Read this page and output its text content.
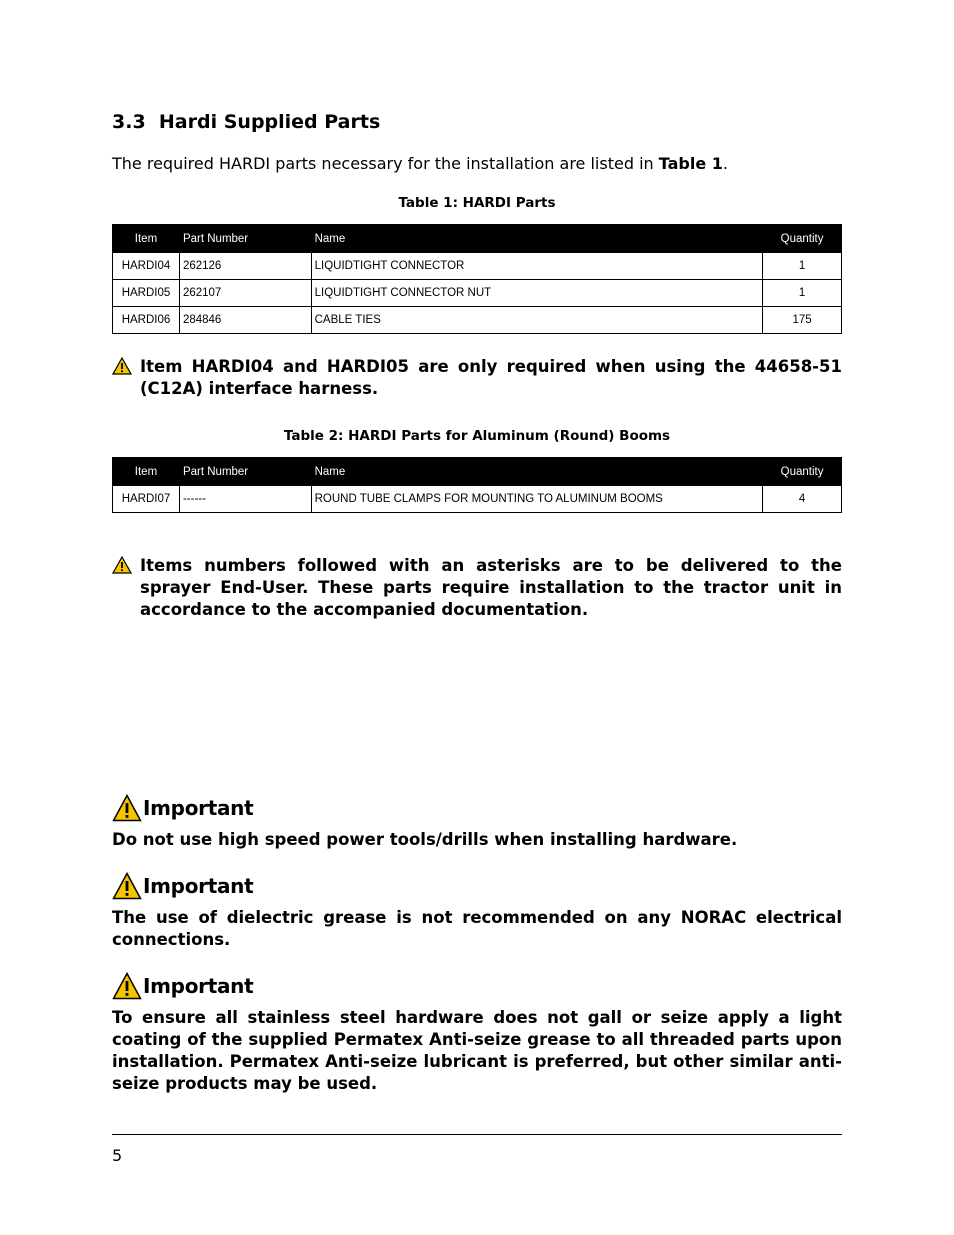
3.3 Hardi Supplied Parts
The required HARDI parts necessary for the installation are listed in Table 1.
Table 1: HARDI Parts
Item	Part Number	Name	Quantity
HARDI04	262126	LIQUIDTIGHT CONNECTOR	1
HARDI05	262107	LIQUIDTIGHT CONNECTOR NUT	1
HARDI06	284846	CABLE TIES	175
Item HARDI04 and HARDI05 are only required when using the 44658-51 (C12A) interface harness.
Table 2: HARDI Parts for Aluminum (Round) Booms
Item	Part Number	Name	Quantity
HARDI07	------	ROUND TUBE CLAMPS FOR MOUNTING TO ALUMINUM BOOMS	4
Items numbers followed with an asterisks are to be delivered to the sprayer End-User. These parts require installation to the tractor unit in accordance to the accompanied documentation.
Important
Do not use high speed power tools/drills when installing hardware.
Important
The use of dielectric grease is not recommended on any NORAC electrical connections.
Important
To ensure all stainless steel hardware does not gall or seize apply a light coating of the supplied Permatex Anti-seize grease to all threaded parts upon installation. Permatex Anti-seize lubricant is preferred, but other similar anti-seize products may be used.
5
